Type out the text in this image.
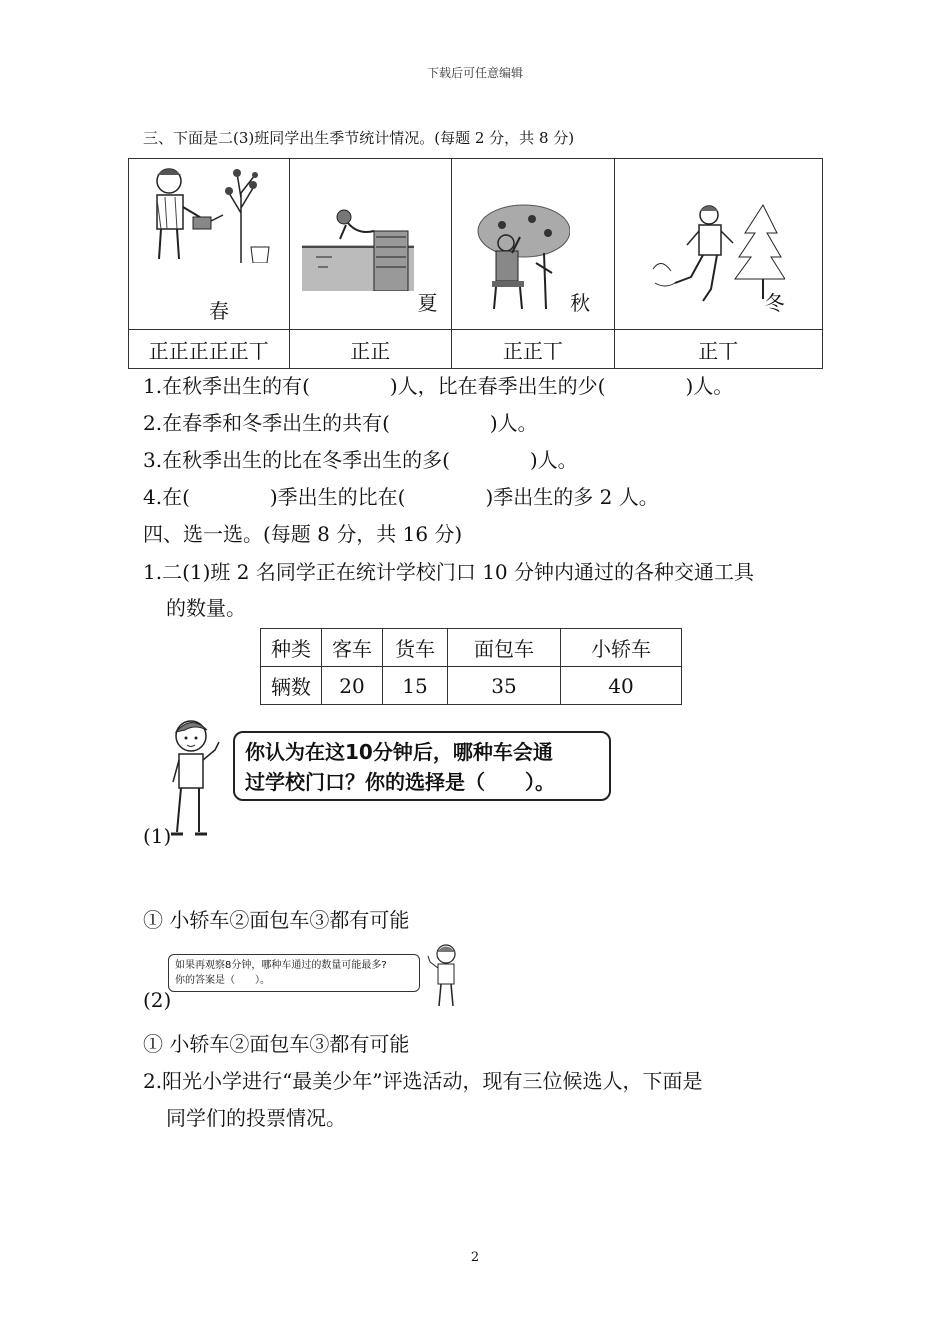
下载后可任意编辑
三、下面是二(3)班同学出生季节统计情况。(每题 2 分，共 8 分)
春	夏	秋	冬

正正正正正丅	正正	正正丅	正丅
1.在秋季出生的有(　　　　)人，比在春季出生的少(　　　　)人。
2.在春季和冬季出生的共有(　　　　　)人。
3.在秋季出生的比在冬季出生的多(　　　　)人。
4.在(　　　　)季出生的比在(　　　　)季出生的多 2 人。
四、选一选。(每题 8 分，共 16 分)
1.二(1)班 2 名同学正在统计学校门口 10 分钟内通过的各种交通工具
的数量。
种类	客车	货车	面包车	小轿车
辆数	20	15	35	40
你认为在这10分钟后，哪种车会通
过学校门口？你的选择是（　　）。
(1)
① 小轿车②面包车③都有可能
如果再观察8分钟，哪种车通过的数量可能最多?
你的答案是（　　）。
(2)
① 小轿车②面包车③都有可能
2.阳光小学进行“最美少年”评选活动，现有三位候选人，下面是
同学们的投票情况。
2
